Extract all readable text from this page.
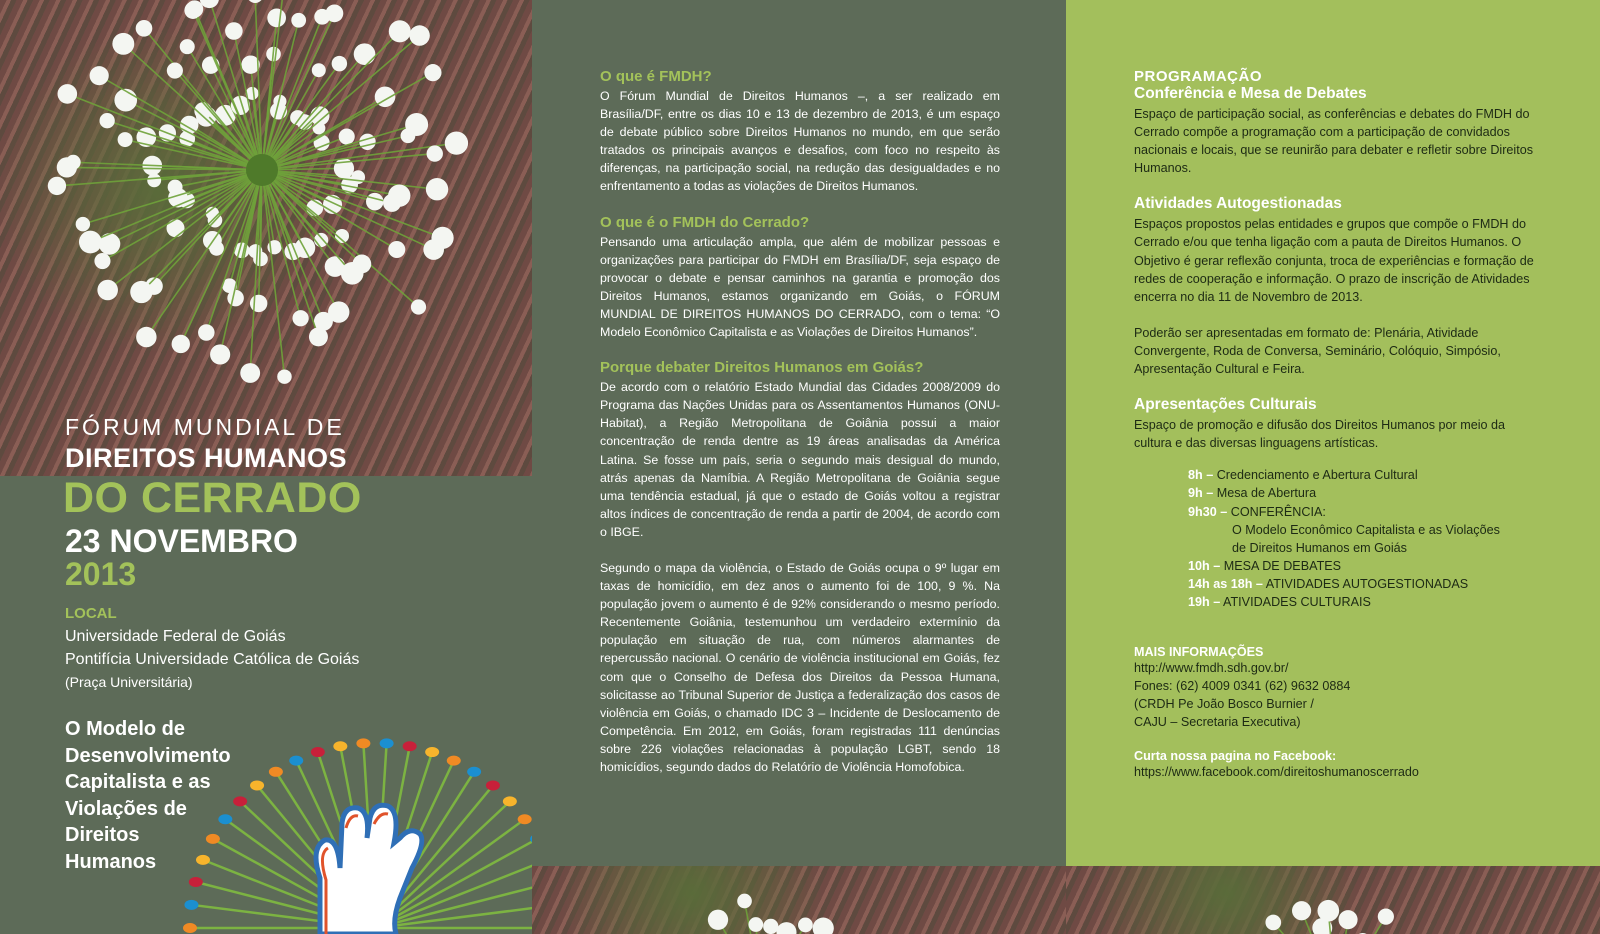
FÓRUM MUNDIAL DE
DIREITOS HUMANOS
DO CERRADO
23 NOVEMBRO
2013
LOCAL
Universidade Federal de Goiás
Pontifícia Universidade Católica de Goiás
(Praça Universitária)
O Modelo de
Desenvolvimento
Capitalista e as
Violações de
Direitos
Humanos
O que é FMDH?

O Fórum Mundial de Direitos Humanos –, a ser realizado em Brasília/DF, entre os dias 10 e 13 de dezembro de 2013, é um espaço de debate público sobre Direitos Humanos no mundo, em que serão tratados os principais avanços e desafios, com foco no respeito às diferenças, na participação social, na redução das desigualdades e no enfrentamento a todas as violações de Direitos Humanos.

O que é o FMDH do Cerrado?

Pensando uma articulação ampla, que além de mobilizar pessoas e organizações para participar do FMDH em Brasília/DF, seja espaço de provocar o debate e pensar caminhos na garantia e promoção dos Direitos Humanos, estamos organizando em Goiás, o FÓRUM MUNDIAL DE DIREITOS HUMANOS DO CERRADO, com o tema: “O Modelo Econômico Capitalista e as Violações de Direitos Humanos”.

Porque debater Direitos Humanos em Goiás?

De acordo com o relatório Estado Mundial das Cidades 2008/2009 do Programa das Nações Unidas para os Assentamentos Humanos (ONU-Habitat), a Região Metropolitana de Goiânia possui a maior concentração de renda dentre as 19 áreas analisadas da América Latina. Se fosse um país, seria o segundo mais desigual do mundo, atrás apenas da Namíbia. A Região Metropolitana de Goiânia segue uma tendência estadual, já que o estado de Goiás voltou a registrar altos índices de concentração de renda a partir de 2004, de acordo com o IBGE.

Segundo o mapa da violência, o Estado de Goiás ocupa o 9º lugar em taxas de homicídio, em dez anos o aumento foi de 100, 9 %. Na população jovem o aumento é de 92% considerando o mesmo período. Recentemente Goiânia, testemunhou um verdadeiro extermínio da população em situação de rua, com números alarmantes de repercussão nacional. O cenário de violência institucional em Goiás, fez com que o Conselho de Defesa dos Direitos da Pessoa Humana, solicitasse ao Tribunal Superior de Justiça a federalização dos casos de violência em Goiás, o chamado IDC 3 – Incidente de Deslocamento de Competência. Em 2012, em Goiás, foram registradas 111 denúncias sobre 226 violações relacionadas à população LGBT, sendo 18 homicídios, segundo dados do Relatório de Violência Homofobica.

PROGRAMAÇÃO
Conferência e Mesa de Debates

Espaço de participação social, as conferências e debates do FMDH do Cerrado compõe a programação com a participação de convidados nacionais e locais, que se reunirão para debater e refletir sobre Direitos Humanos.

Atividades Autogestionadas

Espaços propostos pelas entidades e grupos que compõe o FMDH do Cerrado e/ou que tenha ligação com a pauta de Direitos Humanos. O Objetivo é gerar reflexão conjunta, troca de experiências e formação de redes de cooperação e informação. O prazo de inscrição de Atividades encerra no dia 11 de Novembro de 2013.

Poderão ser apresentadas em formato de: Plenária, Atividade Convergente, Roda de Conversa, Seminário, Colóquio, Simpósio, Apresentação Cultural e Feira.

Apresentações Culturais

Espaço de promoção e difusão dos Direitos Humanos por meio da cultura e das diversas linguagens artísticas.

8h – Credenciamento e Abertura Cultural
9h – Mesa de Abertura
9h30 – CONFERÊNCIA:
O Modelo Econômico Capitalista e as Violações
de Direitos Humanos em Goiás
10h – MESA DE DEBATES
14h as 18h – ATIVIDADES AUTOGESTIONADAS
19h – ATIVIDADES CULTURAIS
MAIS INFORMAÇÕES

http://www.fmdh.sdh.gov.br/

Fones: (62) 4009 0341 (62) 9632 0884

(CRDH Pe João Bosco Burnier /

CAJU – Secretaria Executiva)

Curta nossa pagina no Facebook:

https://www.facebook.com/direitoshumanoscerrado
